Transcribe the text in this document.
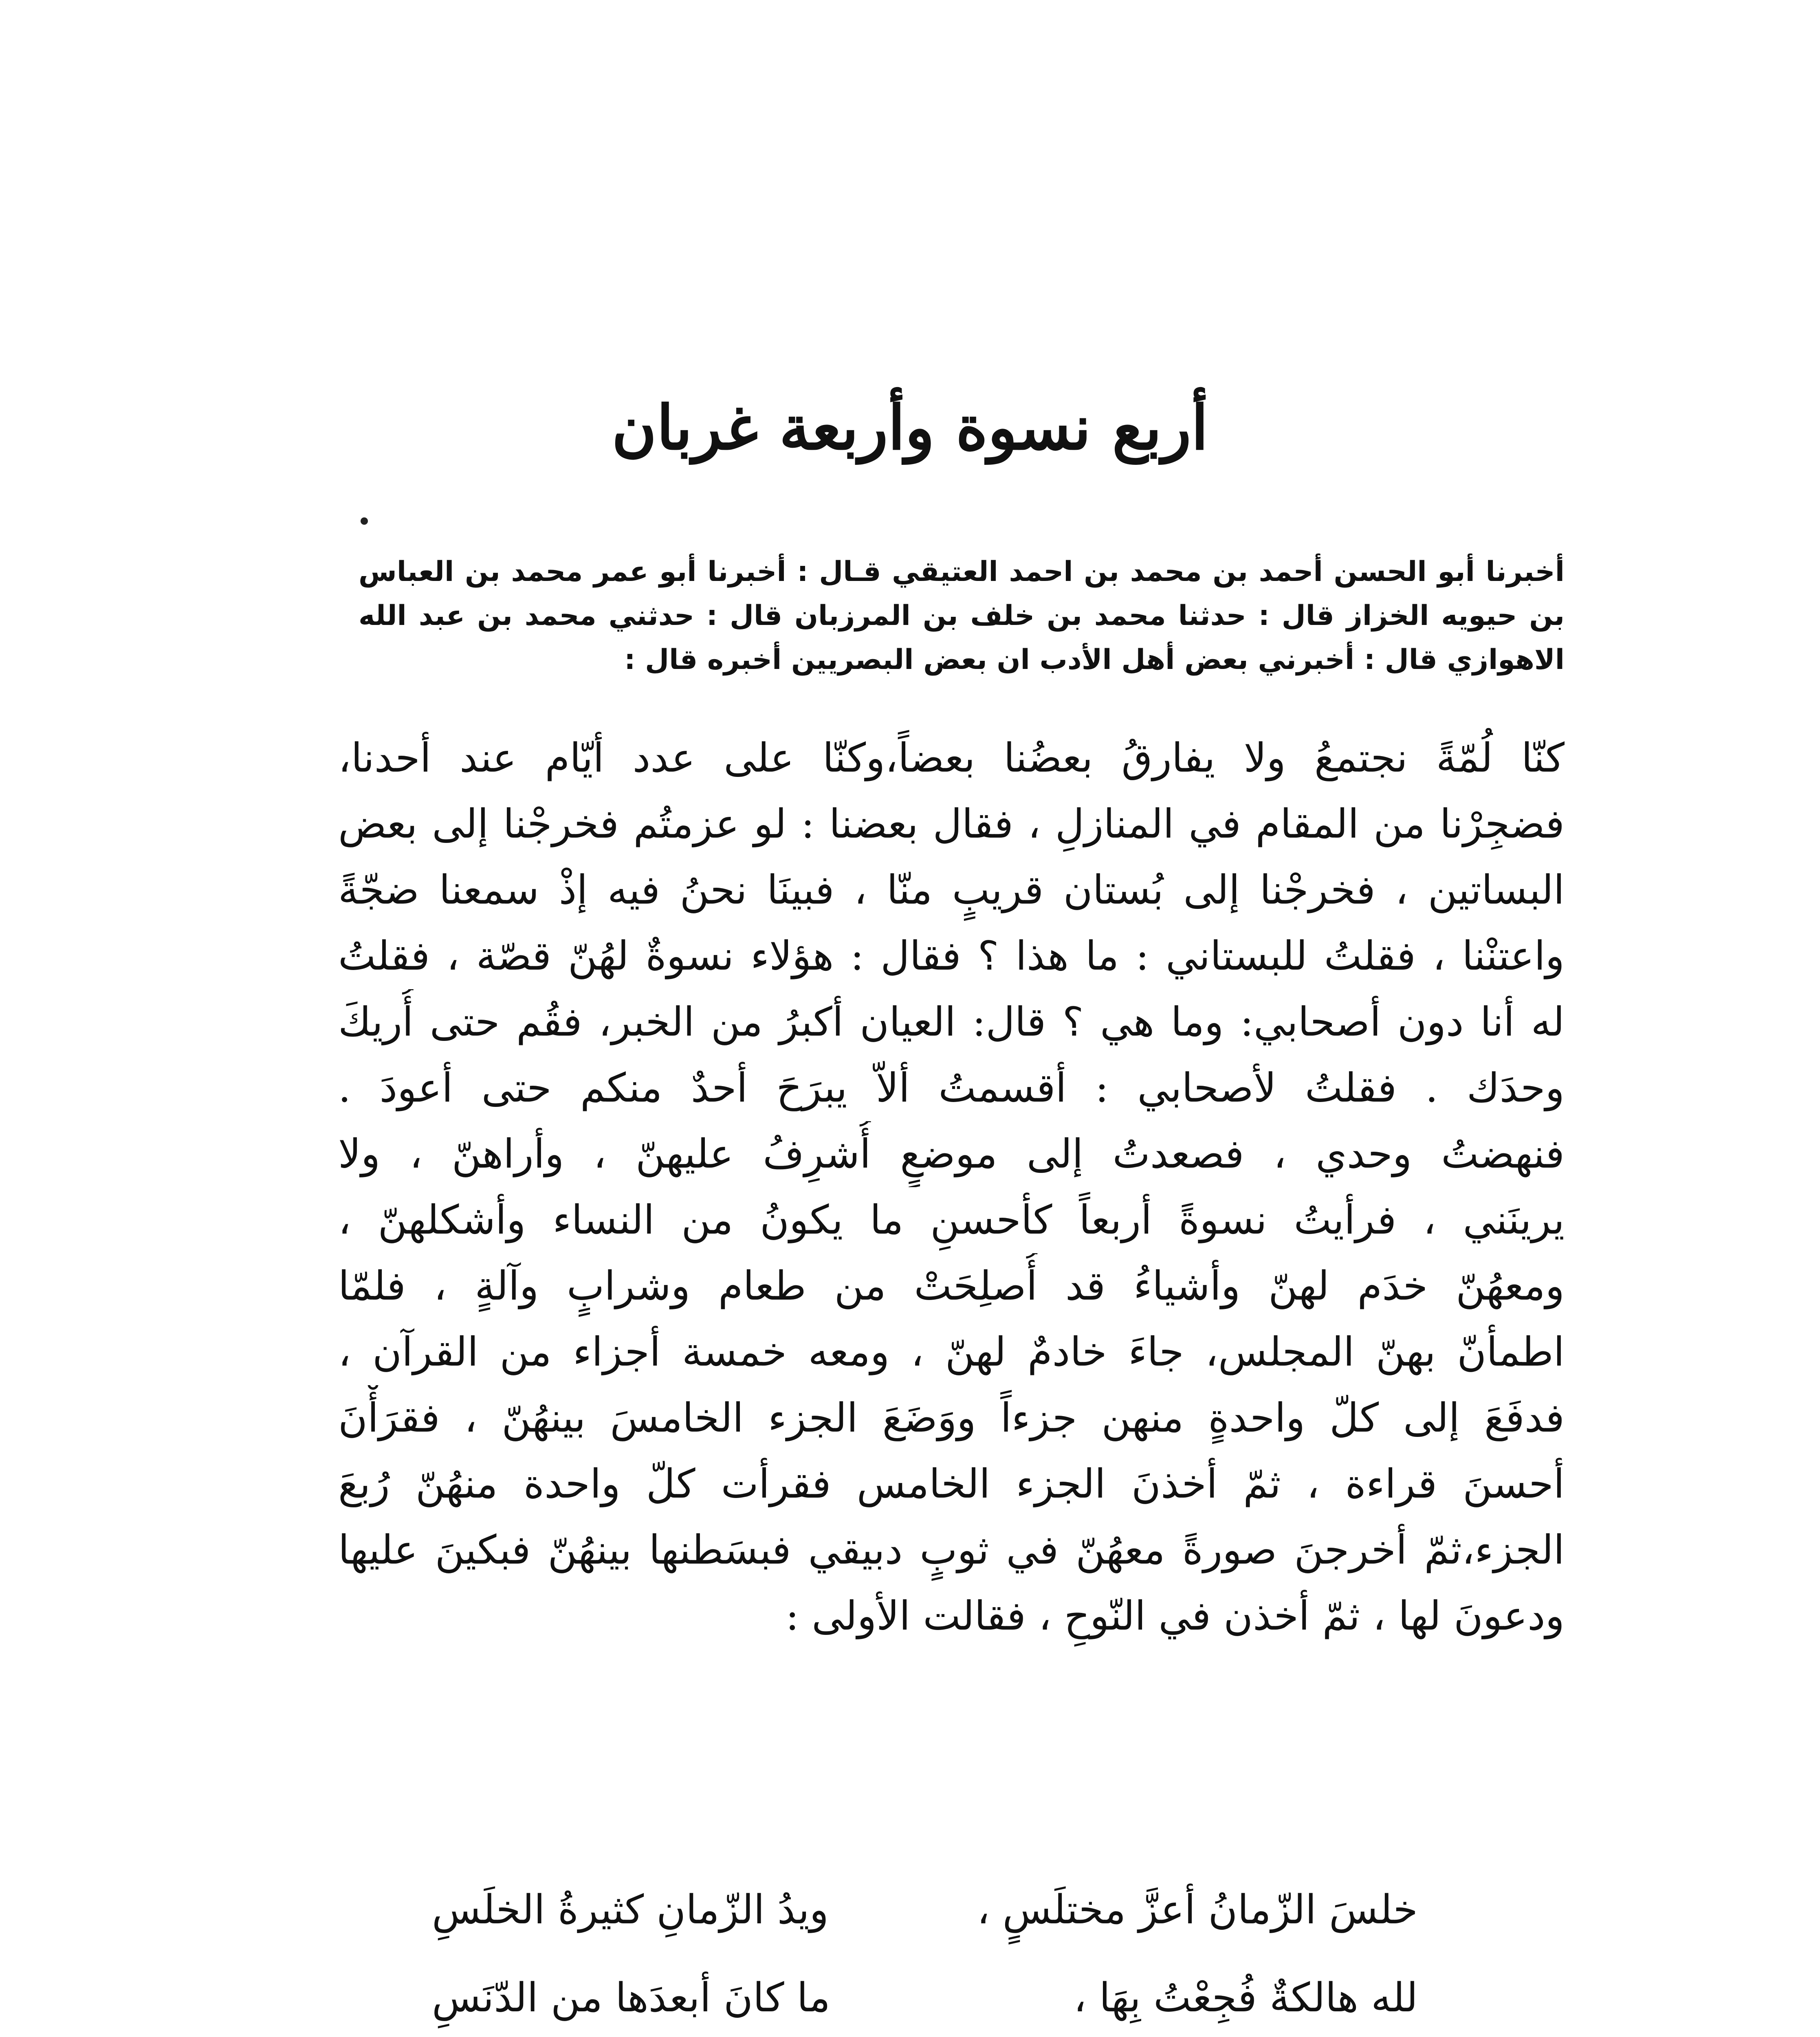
أربع نسوة وأربعة غربان

أخبرنا أبو الحسن أحمد بن محمد بن احمد العتيقي قـال : أخبرنا أبو عمر محمد بن العباس بن حيويه الخزاز قال : حدثنا محمد بن خلف بن المرزبان قال : حدثني محمد بن عبد الله الاهوازي قال : أخبرني بعض أهل الأدب ان بعض البصريين أخبره قال :

كنّا لُمّةً نجتمعُ ولا يفارقُ بعضُنا بعضاً،وكنّا على عدد أيّام عند أحدنا،
فضجِرْنا من المقام في المنازلِ ، فقال بعضنا : لو عزمتُم فخرجْنا إلى بعض
البساتين ، فخرجْنا إلى بُستان قريبٍ منّا ، فبينَا نحنُ فيه إذْ سمعنا ضجّةً
واعتنْنا ، فقلتُ للبستاني : ما هذا ؟ فقال : هؤلاء نسوةٌ لهُنّ قصّة ، فقلتُ
له أنا دون أصحابي: وما هي ؟ قال: العيان أكبرُ من الخبر، فقُم حتى أُريكَ
وحدَك . فقلتُ لأصحابي : أقسمتُ ألاّ يبرَحَ أحدٌ منكم حتى أعودَ .
فنهضتُ وحدي ، فصعدتُ إلى موضعٍ أُشرِفُ عليهنّ ، وأراهنّ ، ولا
يرينَني ، فرأيتُ نسوةً أربعاً كأحسنِ ما يكونُ من النساء وأشكلهنّ ،
ومعهُنّ خدَم لهنّ وأشياءُ قد أُصلِحَتْ من طعام وشرابٍ وآلةٍ ، فلمّا
اطمأنّ بهنّ المجلس، جاءَ خادمٌ لهنّ ، ومعه خمسة أجزاء من القرآن ،
فدفَعَ إلى كلّ واحدةٍ منهن جزءاً ووَضَعَ الجزء الخامسَ بينهُنّ ، فقرَأْنَ
أحسنَ قراءة ، ثمّ أخذنَ الجزء الخامس فقرأت كلّ واحدة منهُنّ رُبعَ
الجزء،ثمّ أخرجنَ صورةً معهُنّ في ثوبٍ دبيقي فبسَطنها بينهُنّ فبكينَ عليها
ودعونَ لها ، ثمّ أخذن في النّوحِ ، فقالت الأولى :
خلسَ الزّمانُ أعزَّ مختلَسٍ ،
ويدُ الزّمانِ كثيرةُ الخلَسِ
لله هالكةٌ فُجِعْتُ بِهَا ،
ما كانَ أبعدَها من الدّنَسِ
